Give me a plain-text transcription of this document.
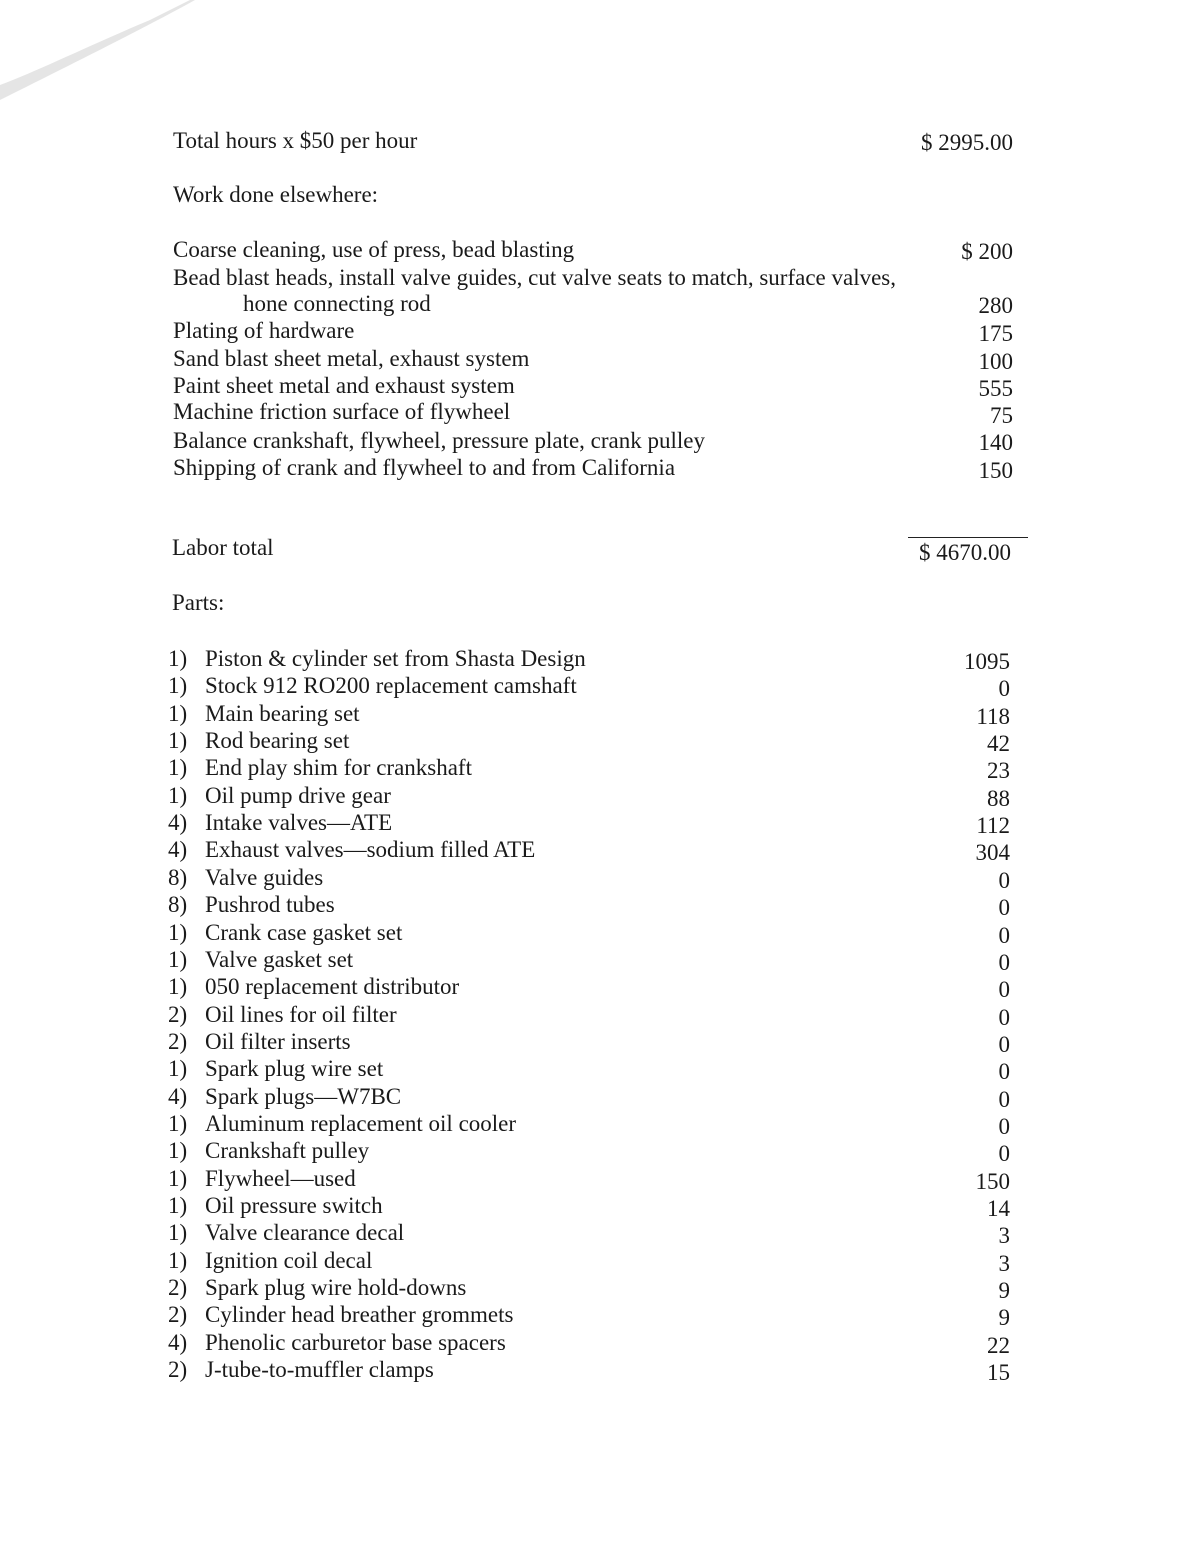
Total hours x $50 per hour	$ 2995.00
Work done elsewhere:
Coarse cleaning, use of press, bead blasting	$ 200
Bead blast heads, install valve guides, cut valve seats to match, surface valves,
hone connecting rod	280
Plating of hardware	175
Sand blast sheet metal, exhaust system	100
Paint sheet metal and exhaust system	555
Machine friction surface of flywheel	75
Balance crankshaft, flywheel, pressure plate, crank pulley	140
Shipping of crank and flywheel to and from California	150
Labor total	$ 4670.00
Parts:
1) Piston & cylinder set from Shasta Design	1095
1) Stock 912 RO200 replacement camshaft	0
1) Main bearing set	118
1) Rod bearing set	42
1) End play shim for crankshaft	23
1) Oil pump drive gear	88
4) Intake valves—ATE	112
4) Exhaust valves—sodium filled ATE	304
8) Valve guides	0
8) Pushrod tubes	0
1) Crank case gasket set	0
1) Valve gasket set	0
1) 050 replacement distributor	0
2) Oil lines for oil filter	0
2) Oil filter inserts	0
1) Spark plug wire set	0
4) Spark plugs—W7BC	0
1) Aluminum replacement oil cooler	0
1) Crankshaft pulley	0
1) Flywheel—used	150
1) Oil pressure switch	14
1) Valve clearance decal	3
1) Ignition coil decal	3
2) Spark plug wire hold-downs	9
2) Cylinder head breather grommets	9
4) Phenolic carburetor base spacers	22
2) J-tube-to-muffler clamps	15
